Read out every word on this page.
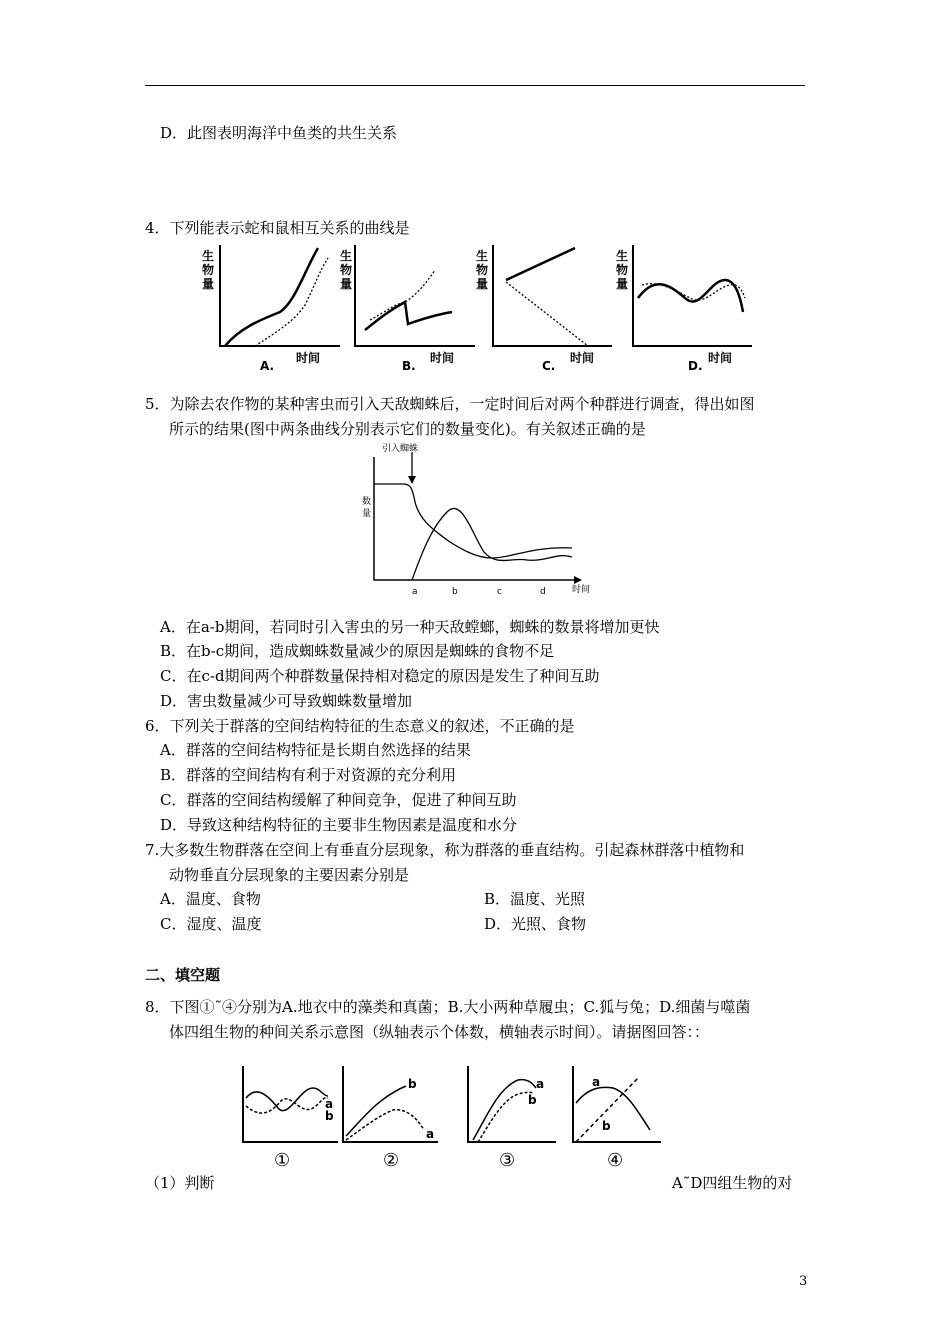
D．此图表明海洋中鱼类的共生关系
4．下列能表示蛇和鼠相互关系的曲线是
生
物
量
时间
A.
生
物
量
时间
B.
生
物
量
时间
C.
生
物
量
时间
D.
5．为除去农作物的某种害虫而引入天敌蜘蛛后，一定时间后对两个种群进行调查，得出如图
所示的结果(图中两条曲线分别表示它们的数量变化)。有关叙述正确的是
引入蜘蛛
数
量
时间
a	b	c	d
A．在a-b期间，若同时引入害虫的另一种天敌螳螂，蜘蛛的数景将增加更快
B．在b-c期间，造成蜘蛛数量减少的原因是蜘蛛的食物不足
C．在c-d期间两个种群数量保持相对稳定的原因是发生了种间互助
D．害虫数量减少可导致蜘蛛数量增加
6．下列关于群落的空间结构特征的生态意义的叙述，不正确的是
A．群落的空间结构特征是长期自然选择的结果
B．群落的空间结构有利于对资源的充分利用
C．群落的空间结构缓解了种间竞争，促进了种间互助
D．导致这种结构特征的主要非生物因素是温度和水分
7.大多数生物群落在空间上有垂直分层现象，称为群落的垂直结构。引起森林群落中植物和
动物垂直分层现象的主要因素分别是
A．温度、食物	B．温度、光照
C．湿度、温度	D．光照、食物
二、填空题
8．下图①˜④分别为A.地衣中的藻类和真菌；B.大小两种草履虫；C.狐与兔；D.细菌与噬菌
体四组生物的种间关系示意图（纵轴表示个体数，横轴表示时间）。请据图回答：：
a
b
b
a
a
b
a
b
①	②	③	④
（1）判断	A˜D四组生物的对
3
